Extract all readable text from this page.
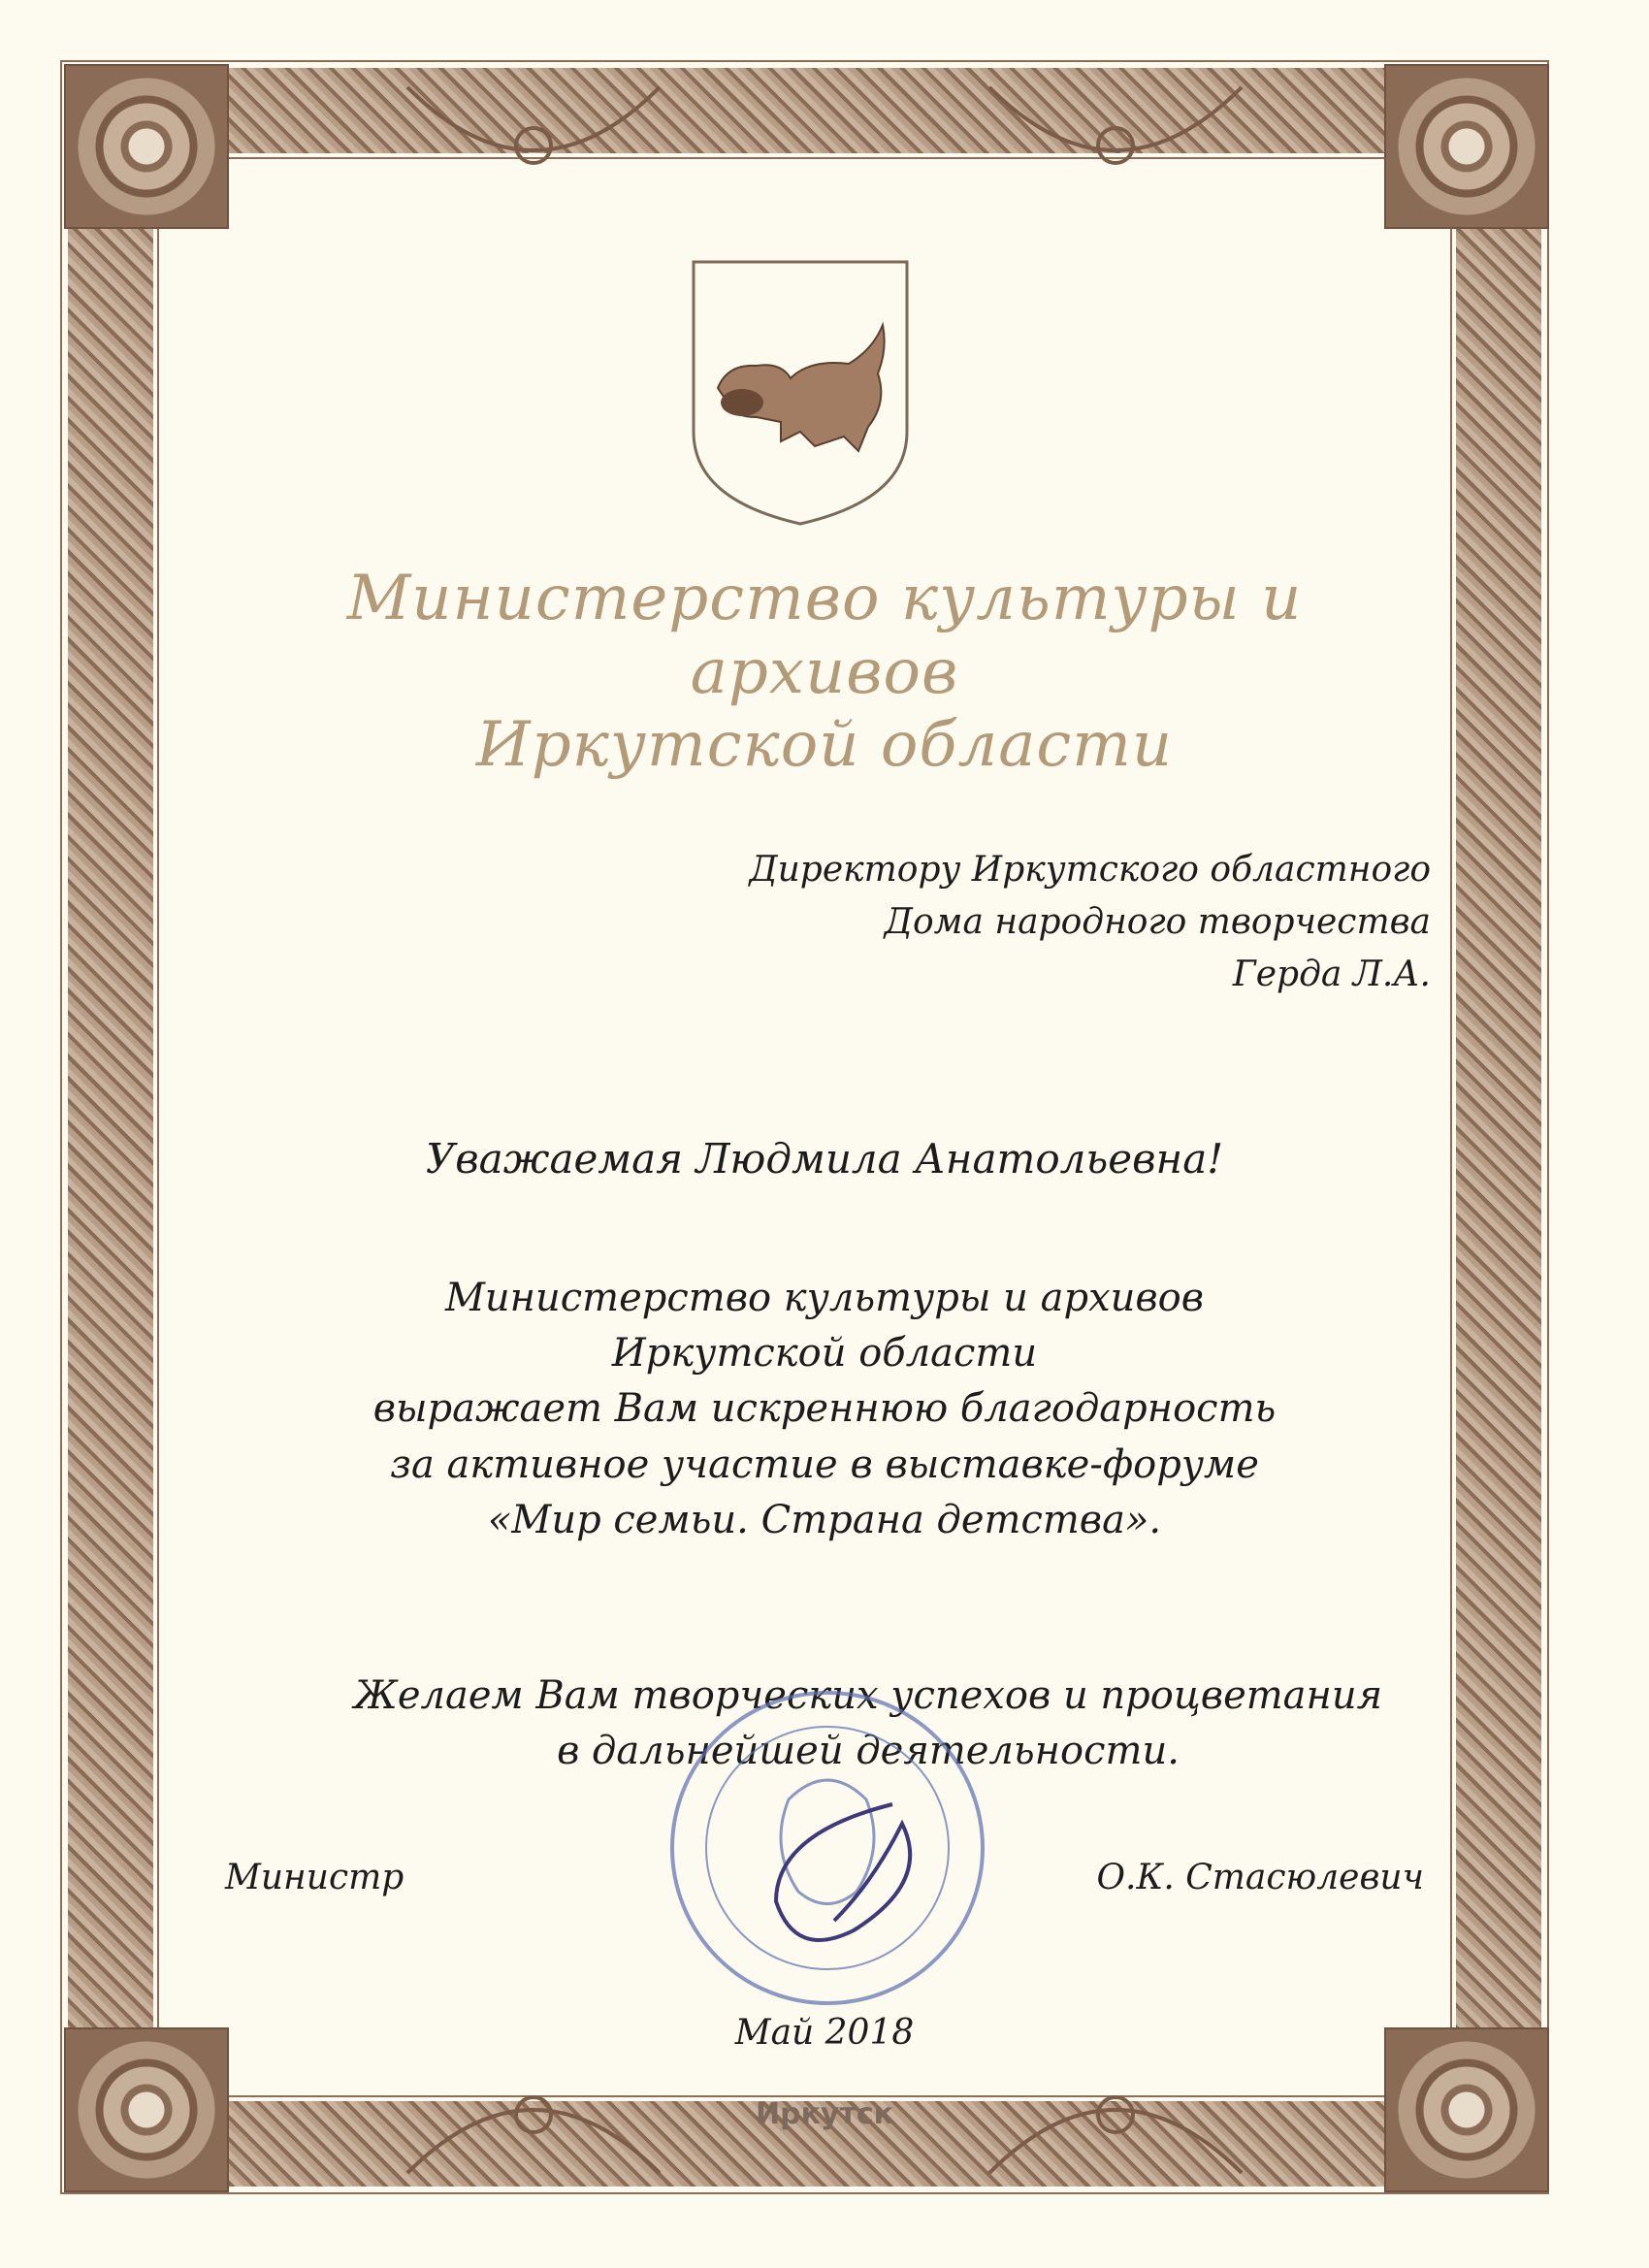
Министерство культуры и архивов
Иркутской области
Директору Иркутского областного
Дома народного творчества
Герда Л.А.
Уважаемая Людмила Анатольевна!
Министерство культуры и архивов
Иркутской области
выражает Вам искреннюю благодарность
за активное участие в выставке-форуме
«Мир семьи. Страна детства».
Желаем Вам творческих успехов и процветания
в дальнейшей деятельности.
Министр	О.К. Стасюлевич
Май 2018
Иркутск
